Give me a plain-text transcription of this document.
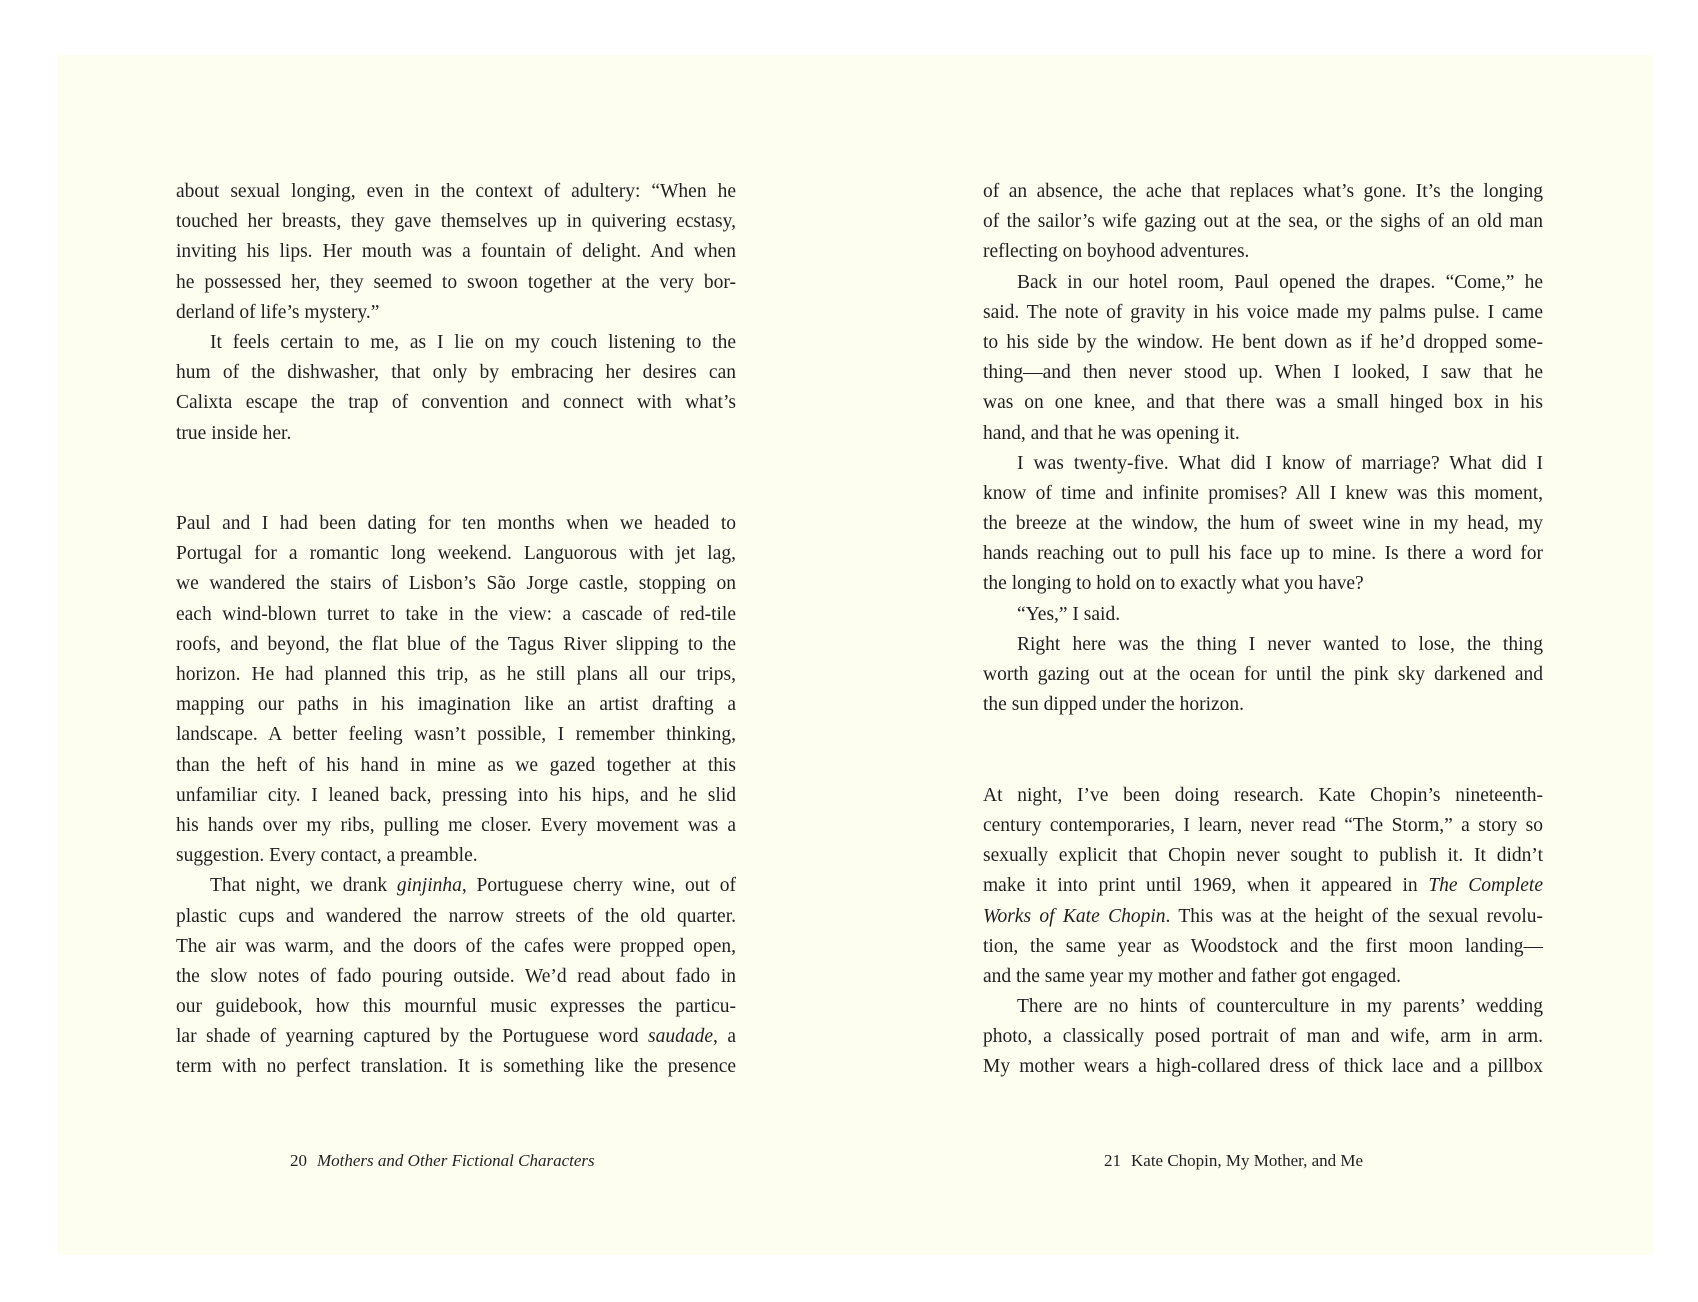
about sexual longing, even in the context of adultery: “When he
touched her breasts, they gave themselves up in quivering ecstasy,
inviting his lips. Her mouth was a fountain of delight. And when
he possessed her, they seemed to swoon together at the very bor-
derland of life’s mystery.”
It feels certain to me, as I lie on my couch listening to the
hum of the dishwasher, that only by embracing her desires can
Calixta escape the trap of convention and connect with what’s
true inside her.
Paul and I had been dating for ten months when we headed to
Portugal for a romantic long weekend. Languorous with jet lag,
we wandered the stairs of Lisbon’s São Jorge castle, stopping on
each wind-blown turret to take in the view: a cascade of red-tile
roofs, and beyond, the flat blue of the Tagus River slipping to the
horizon. He had planned this trip, as he still plans all our trips,
mapping our paths in his imagination like an artist drafting a
landscape. A better feeling wasn’t possible, I remember thinking,
than the heft of his hand in mine as we gazed together at this
unfamiliar city. I leaned back, pressing into his hips, and he slid
his hands over my ribs, pulling me closer. Every movement was a
suggestion. Every contact, a preamble.
That night, we drank ginjinha, Portuguese cherry wine, out of
plastic cups and wandered the narrow streets of the old quarter.
The air was warm, and the doors of the cafes were propped open,
the slow notes of fado pouring outside. We’d read about fado in
our guidebook, how this mournful music expresses the particu-
lar shade of yearning captured by the Portuguese word saudade, a
term with no perfect translation. It is something like the presence
20 Mothers and Other Fictional Characters
of an absence, the ache that replaces what’s gone. It’s the longing
of the sailor’s wife gazing out at the sea, or the sighs of an old man
reflecting on boyhood adventures.
Back in our hotel room, Paul opened the drapes. “Come,” he
said. The note of gravity in his voice made my palms pulse. I came
to his side by the window. He bent down as if he’d dropped some-
thing—and then never stood up. When I looked, I saw that he
was on one knee, and that there was a small hinged box in his
hand, and that he was opening it.
I was twenty-five. What did I know of marriage? What did I
know of time and infinite promises? All I knew was this moment,
the breeze at the window, the hum of sweet wine in my head, my
hands reaching out to pull his face up to mine. Is there a word for
the longing to hold on to exactly what you have?
“Yes,” I said.
Right here was the thing I never wanted to lose, the thing
worth gazing out at the ocean for until the pink sky darkened and
the sun dipped under the horizon.
At night, I’ve been doing research. Kate Chopin’s nineteenth-
century contemporaries, I learn, never read “The Storm,” a story so
sexually explicit that Chopin never sought to publish it. It didn’t
make it into print until 1969, when it appeared in The Complete
Works of Kate Chopin. This was at the height of the sexual revolu-
tion, the same year as Woodstock and the first moon landing—
and the same year my mother and father got engaged.
There are no hints of counterculture in my parents’ wedding
photo, a classically posed portrait of man and wife, arm in arm.
My mother wears a high-collared dress of thick lace and a pillbox
21 Kate Chopin, My Mother, and Me
